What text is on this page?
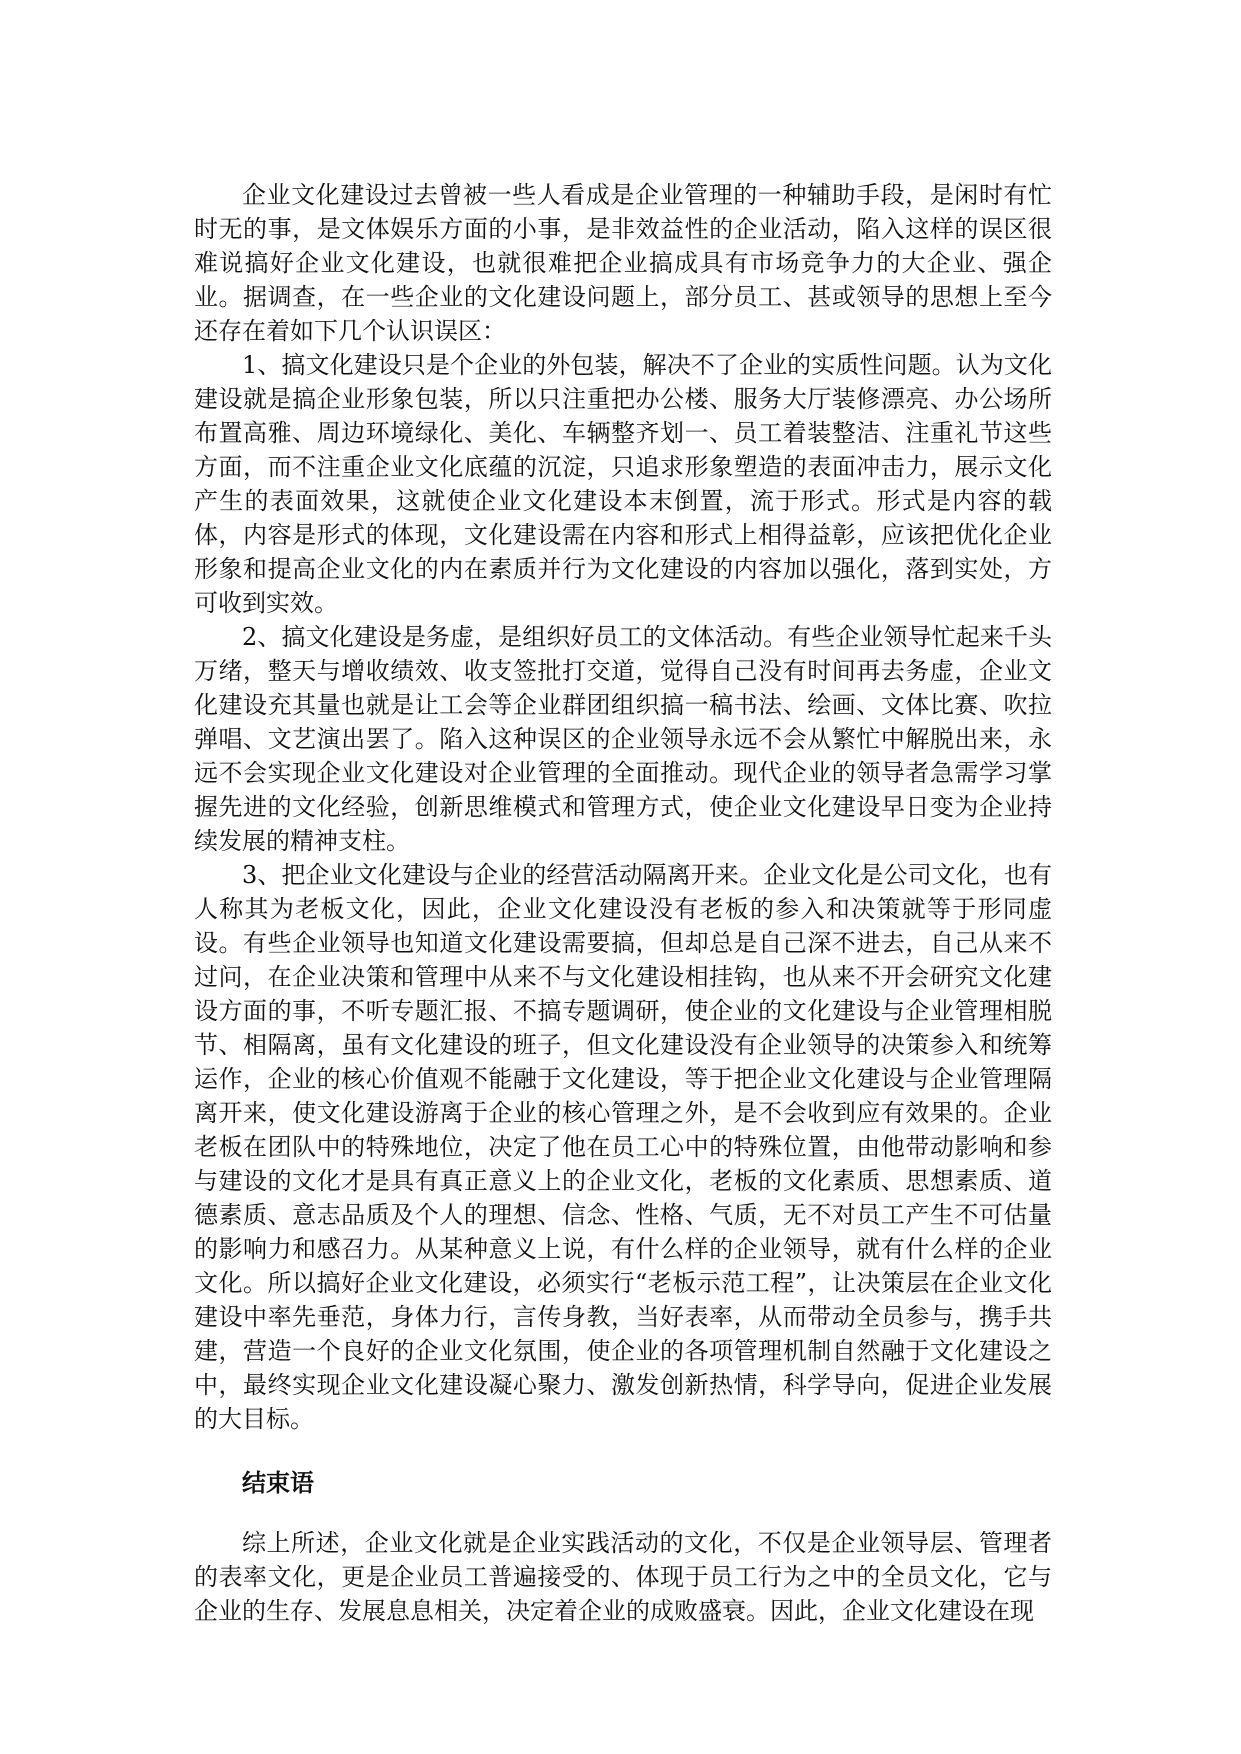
企业文化建设过去曾被一些人看成是企业管理的一种辅助手段，是闲时有忙时无的事，是文体娱乐方面的小事，是非效益性的企业活动，陷入这样的误区很难说搞好企业文化建设，也就很难把企业搞成具有市场竞争力的大企业、强企业。据调查，在一些企业的文化建设问题上，部分员工、甚或领导的思想上至今还存在着如下几个认识误区：

1、搞文化建设只是个企业的外包装，解决不了企业的实质性问题。认为文化建设就是搞企业形象包装，所以只注重把办公楼、服务大厅装修漂亮、办公场所布置高雅、周边环境绿化、美化、车辆整齐划一、员工着装整洁、注重礼节这些方面，而不注重企业文化底蕴的沉淀，只追求形象塑造的表面冲击力，展示文化产生的表面效果，这就使企业文化建设本末倒置，流于形式。形式是内容的载体，内容是形式的体现，文化建设需在内容和形式上相得益彰，应该把优化企业形象和提高企业文化的内在素质并行为文化建设的内容加以强化，落到实处，方可收到实效。

2、搞文化建设是务虚，是组织好员工的文体活动。有些企业领导忙起来千头万绪，整天与增收绩效、收支签批打交道，觉得自己没有时间再去务虚，企业文化建设充其量也就是让工会等企业群团组织搞一稿书法、绘画、文体比赛、吹拉弹唱、文艺演出罢了。陷入这种误区的企业领导永远不会从繁忙中解脱出来，永远不会实现企业文化建设对企业管理的全面推动。现代企业的领导者急需学习掌握先进的文化经验，创新思维模式和管理方式，使企业文化建设早日变为企业持续发展的精神支柱。

3、把企业文化建设与企业的经营活动隔离开来。企业文化是公司文化，也有人称其为老板文化，因此，企业文化建设没有老板的参入和决策就等于形同虚设。有些企业领导也知道文化建设需要搞，但却总是自己深不进去，自己从来不过问，在企业决策和管理中从来不与文化建设相挂钩，也从来不开会研究文化建设方面的事，不听专题汇报、不搞专题调研，使企业的文化建设与企业管理相脱节、相隔离，虽有文化建设的班子，但文化建设没有企业领导的决策参入和统筹运作，企业的核心价值观不能融于文化建设，等于把企业文化建设与企业管理隔离开来，使文化建设游离于企业的核心管理之外，是不会收到应有效果的。企业老板在团队中的特殊地位，决定了他在员工心中的特殊位置，由他带动影响和参与建设的文化才是具有真正意义上的企业文化，老板的文化素质、思想素质、道德素质、意志品质及个人的理想、信念、性格、气质，无不对员工产生不可估量的影响力和感召力。从某种意义上说，有什么样的企业领导，就有什么样的企业文化。所以搞好企业文化建设，必须实行“老板示范工程”，让决策层在企业文化建设中率先垂范，身体力行，言传身教，当好表率，从而带动全员参与，携手共建，营造一个良好的企业文化氛围，使企业的各项管理机制自然融于文化建设之中，最终实现企业文化建设凝心聚力、激发创新热情，科学导向，促进企业发展的大目标。

结束语

综上所述，企业文化就是企业实践活动的文化，不仅是企业领导层、管理者的表率文化，更是企业员工普遍接受的、体现于员工行为之中的全员文化，它与企业的生存、发展息息相关，决定着企业的成败盛衰。因此，企业文化建设在现
